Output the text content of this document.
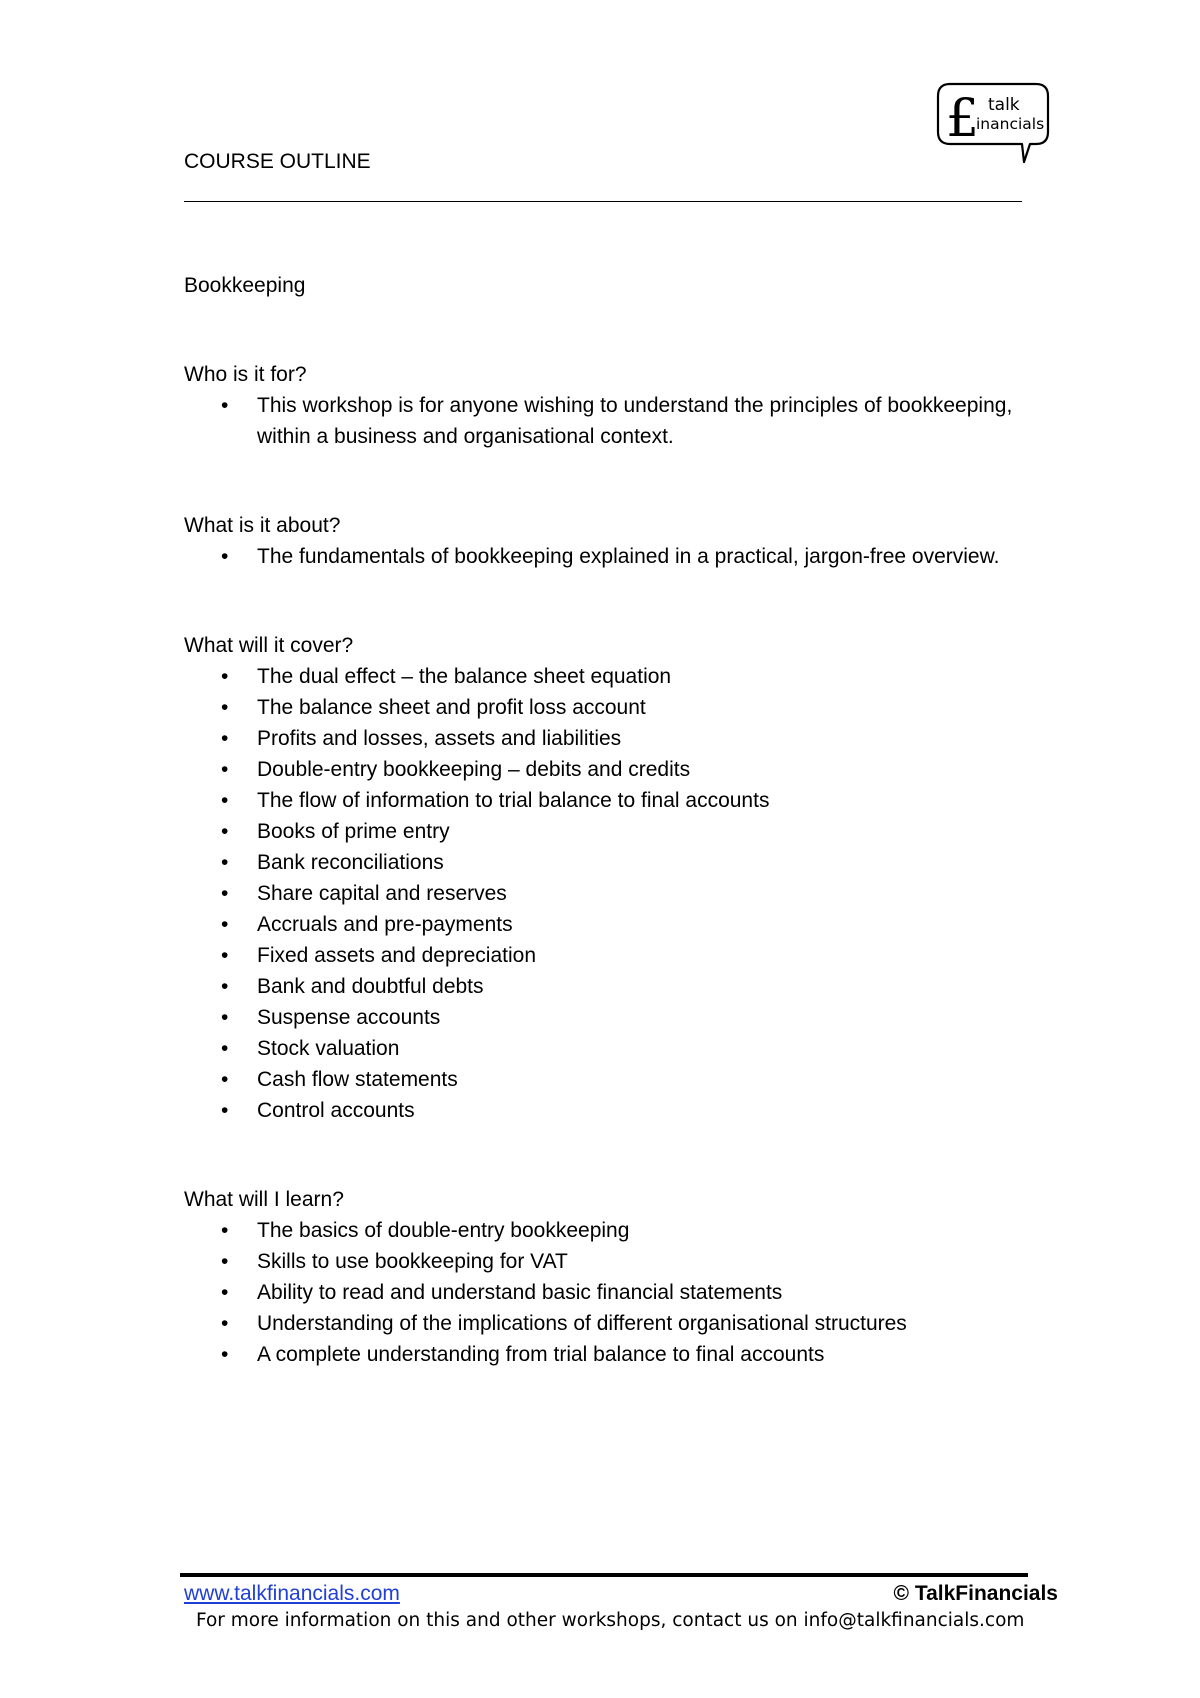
COURSE OUTLINE
£ talk
inancials
Bookkeeping
Who is it for?
• This workshop is for anyone wishing to understand the principles of bookkeeping, within a business and organisational context.
What is it about?
• The fundamentals of bookkeeping explained in a practical, jargon-free overview.
What will it cover?
• The dual effect – the balance sheet equation
• The balance sheet and profit loss account
• Profits and losses, assets and liabilities
• Double-entry bookkeeping – debits and credits
• The flow of information to trial balance to final accounts
• Books of prime entry
• Bank reconciliations
• Share capital and reserves
• Accruals and pre-payments
• Fixed assets and depreciation
• Bank and doubtful debts
• Suspense accounts
• Stock valuation
• Cash flow statements
• Control accounts
What will I learn?
• The basics of double-entry bookkeeping
• Skills to use bookkeeping for VAT
• Ability to read and understand basic financial statements
• Understanding of the implications of different organisational structures
• A complete understanding from trial balance to final accounts
www.talkfinancials.com	© TalkFinancials
For more information on this and other workshops, contact us on info@talkfinancials.com
